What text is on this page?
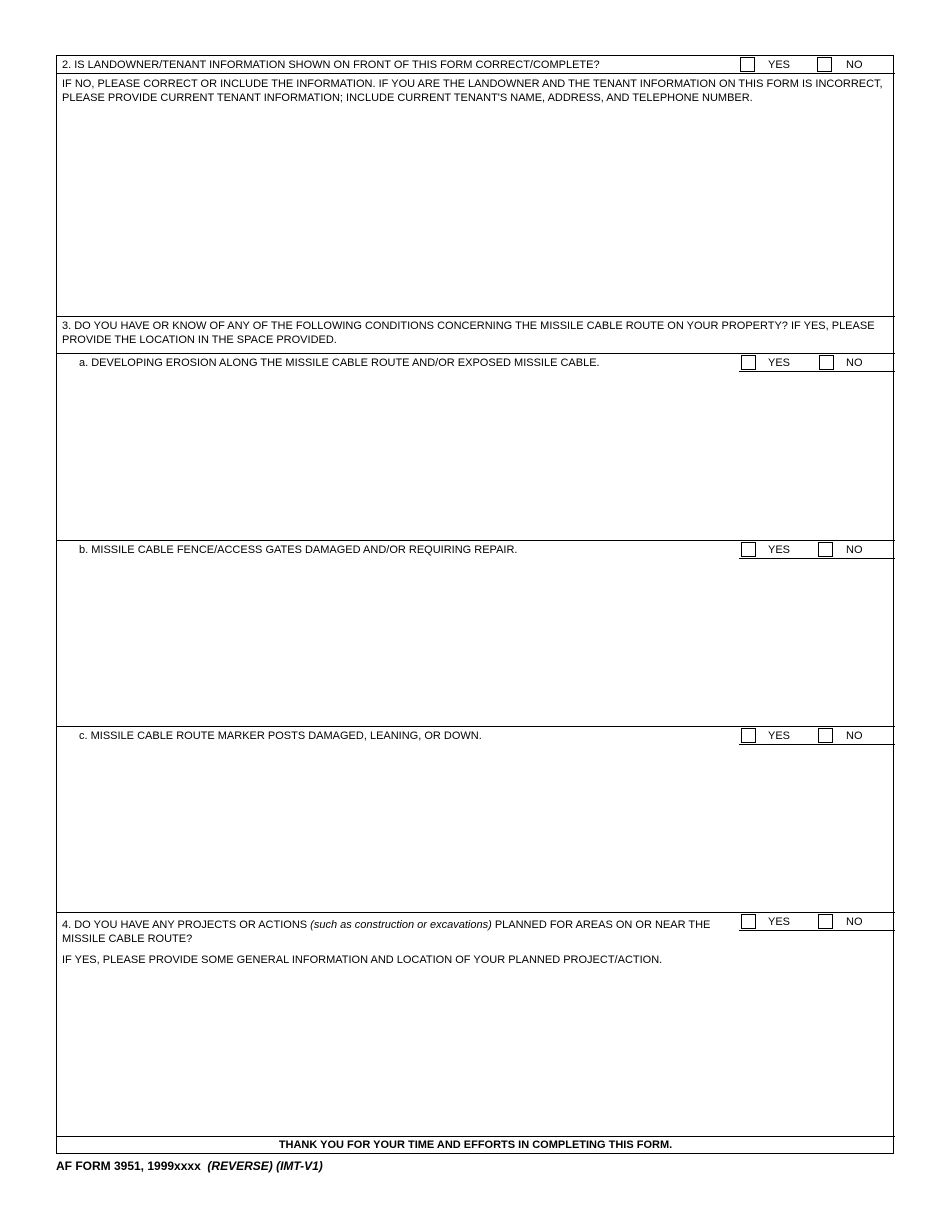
2. IS LANDOWNER/TENANT INFORMATION SHOWN ON FRONT OF THIS FORM CORRECT/COMPLETE?	YES	NO
IF NO, PLEASE CORRECT OR INCLUDE THE INFORMATION. IF YOU ARE THE LANDOWNER AND THE TENANT INFORMATION ON THIS FORM IS INCORRECT, PLEASE PROVIDE CURRENT TENANT INFORMATION; INCLUDE CURRENT TENANT'S NAME, ADDRESS, AND TELEPHONE NUMBER.
3. DO YOU HAVE OR KNOW OF ANY OF THE FOLLOWING CONDITIONS CONCERNING THE MISSILE CABLE ROUTE ON YOUR PROPERTY? IF YES, PLEASE PROVIDE THE LOCATION IN THE SPACE PROVIDED.
a. DEVELOPING EROSION ALONG THE MISSILE CABLE ROUTE AND/OR EXPOSED MISSILE CABLE.	YES	NO
b. MISSILE CABLE FENCE/ACCESS GATES DAMAGED AND/OR REQUIRING REPAIR.	YES	NO
c. MISSILE CABLE ROUTE MARKER POSTS DAMAGED, LEANING, OR DOWN.	YES	NO
4. DO YOU HAVE ANY PROJECTS OR ACTIONS (such as construction or excavations) PLANNED FOR AREAS ON OR NEAR THE MISSILE CABLE ROUTE?
YES	NO
IF YES, PLEASE PROVIDE SOME GENERAL INFORMATION AND LOCATION OF YOUR PLANNED PROJECT/ACTION.
THANK YOU FOR YOUR TIME AND EFFORTS IN COMPLETING THIS FORM.
AF FORM 3951, 1999xxxx (REVERSE) (IMT-V1)
